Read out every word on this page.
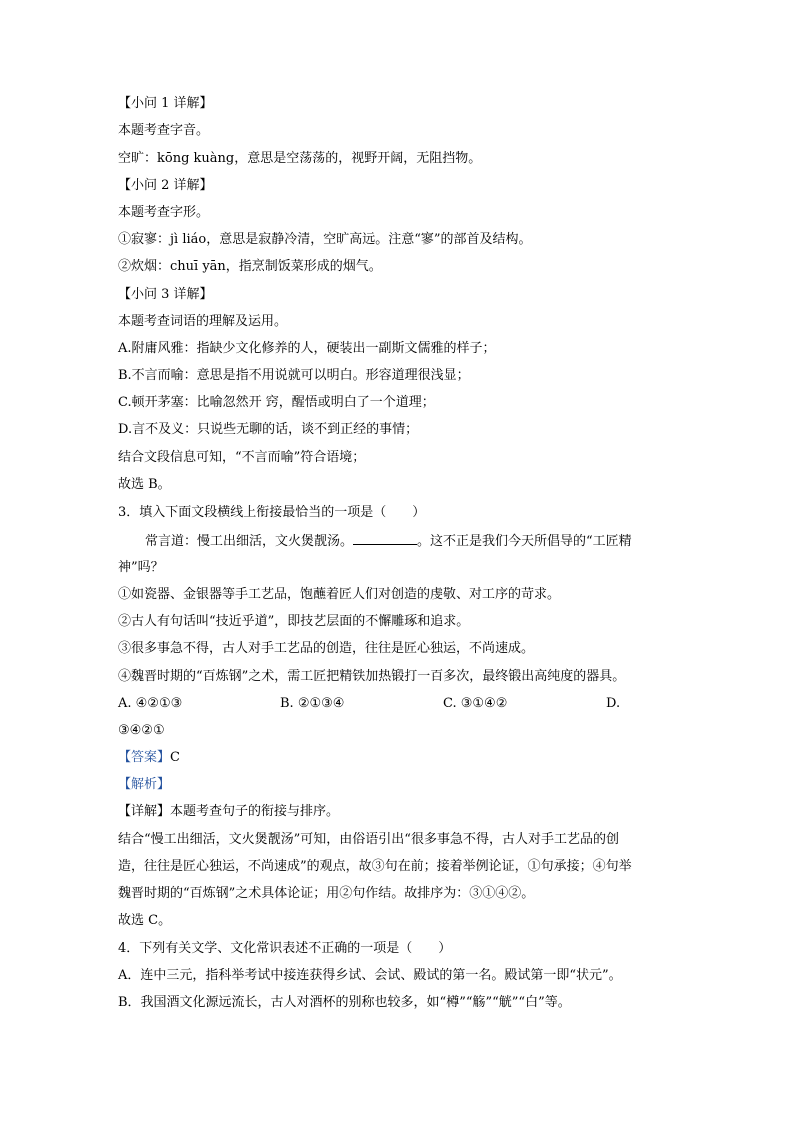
【小问 1 详解】
本题考查字音。
空旷：kōng kuàng，意思是空荡荡的，视野开阔，无阻挡物。
【小问 2 详解】
本题考查字形。
①寂寥：jì liáo，意思是寂静冷清，空旷高远。注意“寥”的部首及结构。
②炊烟：chuī yān，指烹制饭菜形成的烟气。
【小问 3 详解】
本题考查词语的理解及运用。
A.附庸风雅：指缺少文化修养的人，硬装出一副斯文儒雅的样子；
B.不言而喻：意思是指不用说就可以明白。形容道理很浅显；
C.顿开茅塞：比喻忽然开 窍，醒悟或明白了一个道理；
D.言不及义：只说些无聊的话，谈不到正经的事情；
结合文段信息可知，“不言而喻”符合语境；
故选 B。
3．填入下面文段横线上衔接最恰当的一项是（　　）
常言道：慢工出细活，文火煲靓汤。	。这不正是我们今天所倡导的“工匠精
神”吗？
①如瓷器、金银器等手工艺品，饱蘸着匠人们对创造的虔敬、对工序的苛求。
②古人有句话叫“技近乎道”，即技艺层面的不懈雕琢和追求。
③很多事急不得，古人对手工艺品的创造，往往是匠心独运，不尚速成。
④魏晋时期的“百炼钢”之术，需工匠把精铁加热锻打一百多次，最终锻出高纯度的器具。
A. ④②①③	B. ②①③④	C. ③①④②	D.
③④②①
【答案】C
【解析】
【详解】本题考查句子的衔接与排序。
结合“慢工出细活，文火煲靓汤”可知，由俗语引出“很多事急不得，古人对手工艺品的创
造，往往是匠心独运，不尚速成”的观点，故③句在前；接着举例论证，①句承接；④句举
魏晋时期的“百炼钢”之术具体论证；用②句作结。故排序为：③①④②。
故选 C。
4．下列有关文学、文化常识表述不正确的一项是（　　）
A．连中三元，指科举考试中接连获得乡试、会试、殿试的第一名。殿试第一即“状元”。
B．我国酒文化源远流长，古人对酒杯的别称也较多，如“樽”“觞”“觥”“白”等。
